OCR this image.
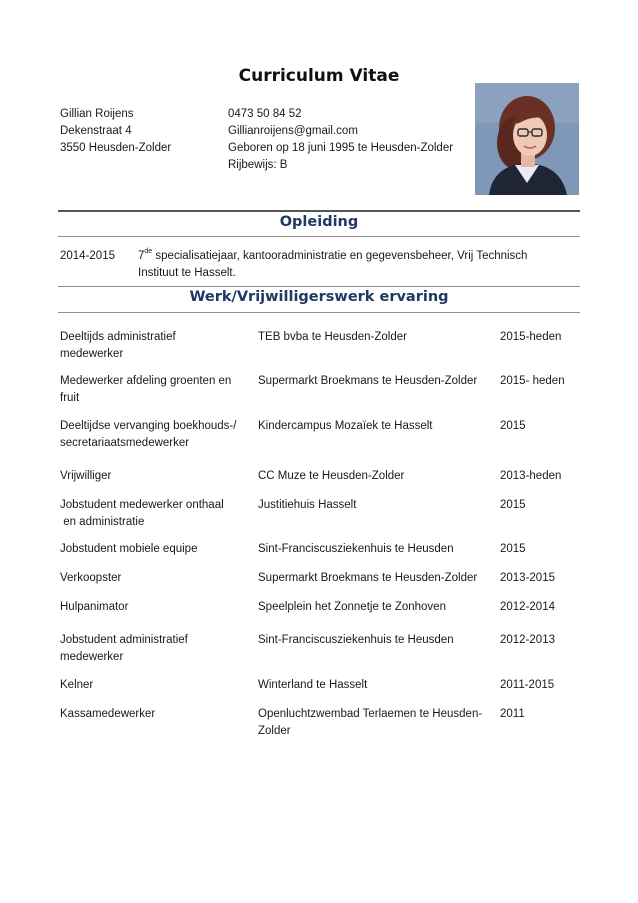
Curriculum Vitae
Gillian Roijens
Dekenstraat 4
3550 Heusden-Zolder
0473 50 84 52
Gillianroijens@gmail.com
Geboren op 18 juni 1995 te Heusden-Zolder
Rijbewijs: B
Opleiding
2014-2015 7de specialisatiejaar, kantooradministratie en gegevensbeheer, Vrij Technisch
Instituut te Hasselt.
Werk/Vrijwilligerswerk ervaring
Deeltijds administratief
medewerker
TEB bvba te Heusden-Zolder	2015-heden
Medewerker afdeling groenten en
fruit
Supermarkt Broekmans te Heusden-Zolder 2015- heden
Deeltijdse vervanging boekhouds-/
secretariaatsmedewerker
Kindercampus Mozaïek te Hasselt	2015
Vrijwilliger	CC Muze te Heusden-Zolder	2013-heden
Jobstudent medewerker onthaal
en administratie
Justitiehuis Hasselt	2015
Jobstudent mobiele equipe	Sint-Franciscusziekenhuis te Heusden	2015
Verkoopster	Supermarkt Broekmans te Heusden-Zolder 2013-2015
Hulpanimator	Speelplein het Zonnetje te Zonhoven	2012-2014
Jobstudent administratief
medewerker
Sint-Franciscusziekenhuis te Heusden	2012-2013
Kelner	Winterland te Hasselt	2011-2015
Kassamedewerker	Openluchtzwembad Terlaemen te Heusden-
Zolder
2011
